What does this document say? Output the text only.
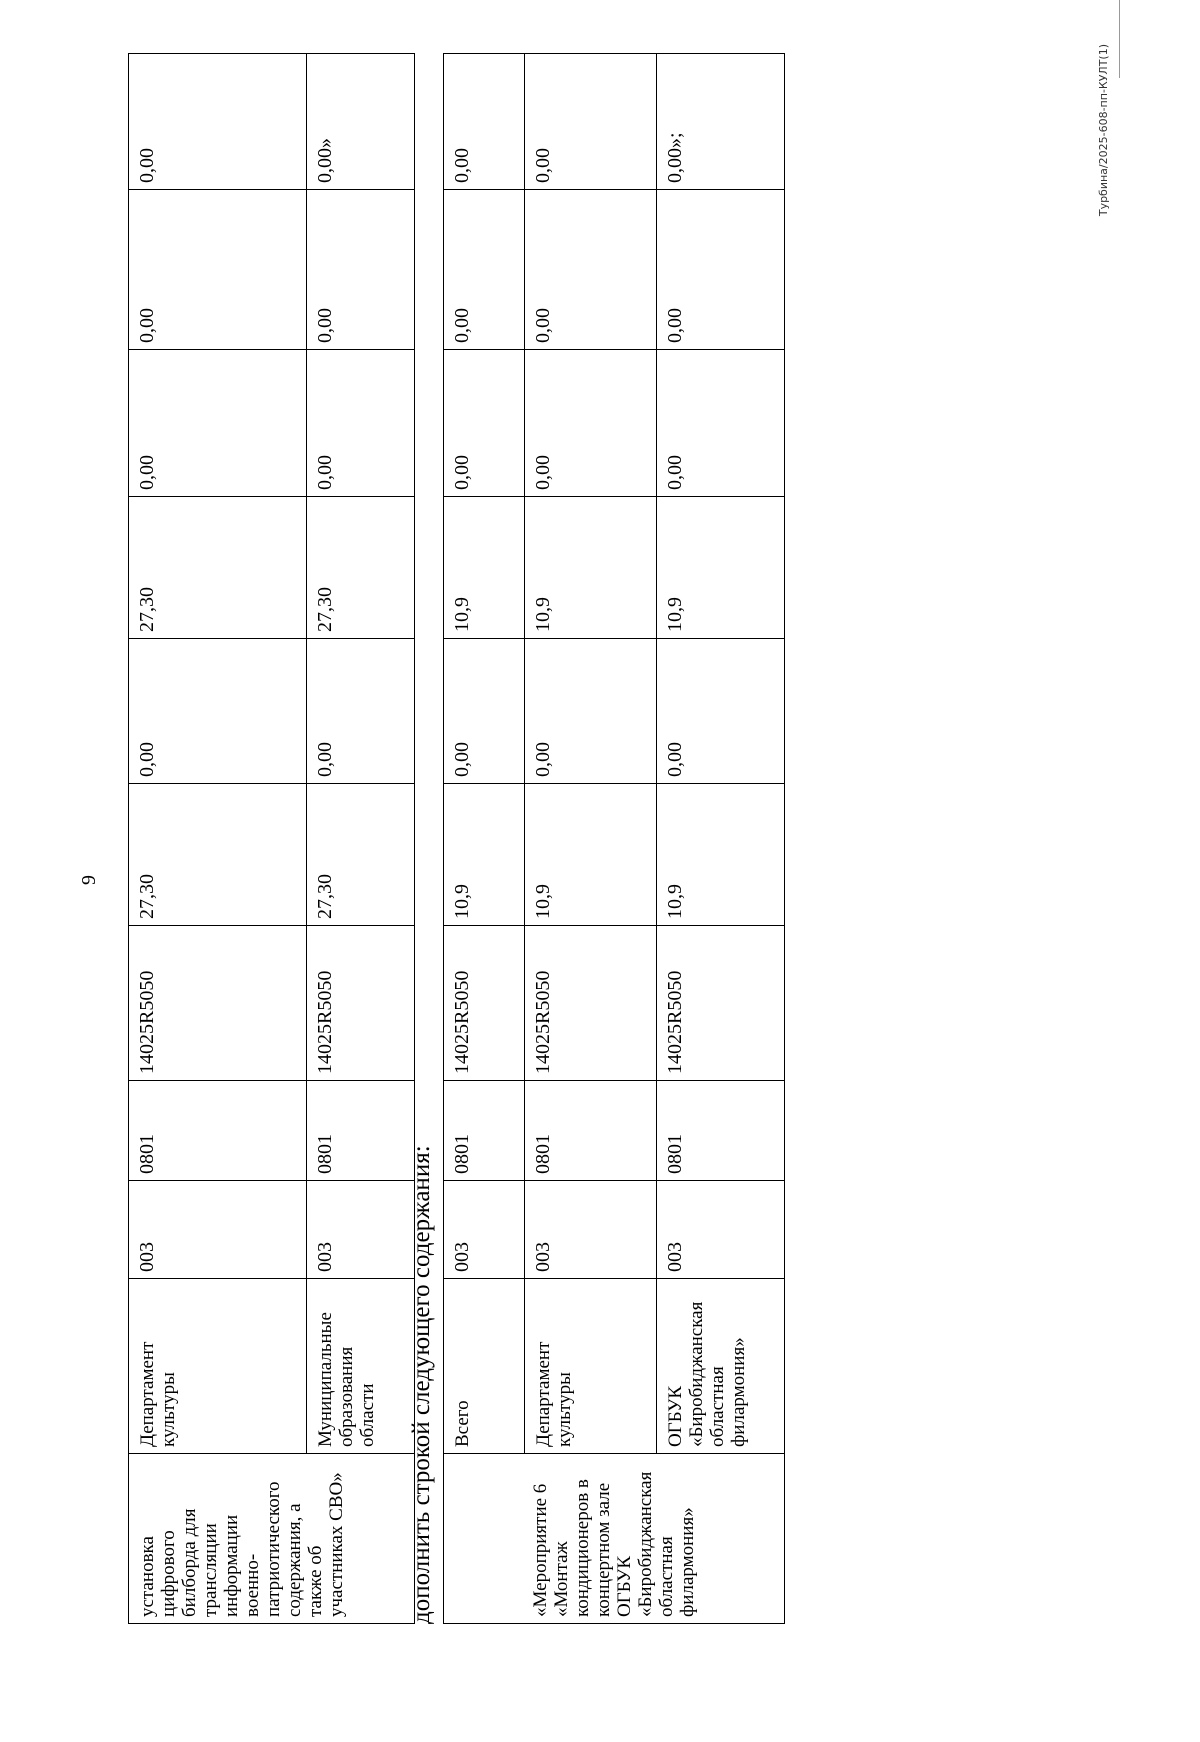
9
установка цифрового билборда для трансляции информации военно-патриотического содержания, а также об участниках СВО»	Департамент культуры	003	0801	14025R5050	27,30	0,00	27,30	0,00	0,00	0,00
	Муниципальные образования области	003	0801	14025R5050	27,30	0,00	27,30	0,00	0,00	0,00»
дополнить строкой следующего содержания:	«Мероприятие 6 «Монтаж кондиционеров в концертном зале ОГБУК «Биробиджанская областная филармония»	Всего	003	0801	14025R5050	10,9	0,00	10,9	0,00	0,00	0,00
	Департамент культуры	003	0801	14025R5050	10,9	0,00	10,9	0,00	0,00	0,00
	ОГБУК «Биробиджанская областная филармония»	003	0801	14025R5050	10,9	0,00	10,9	0,00	0,00	0,00»;	Турбина/2025-608-пп-КУЛТ(1)
